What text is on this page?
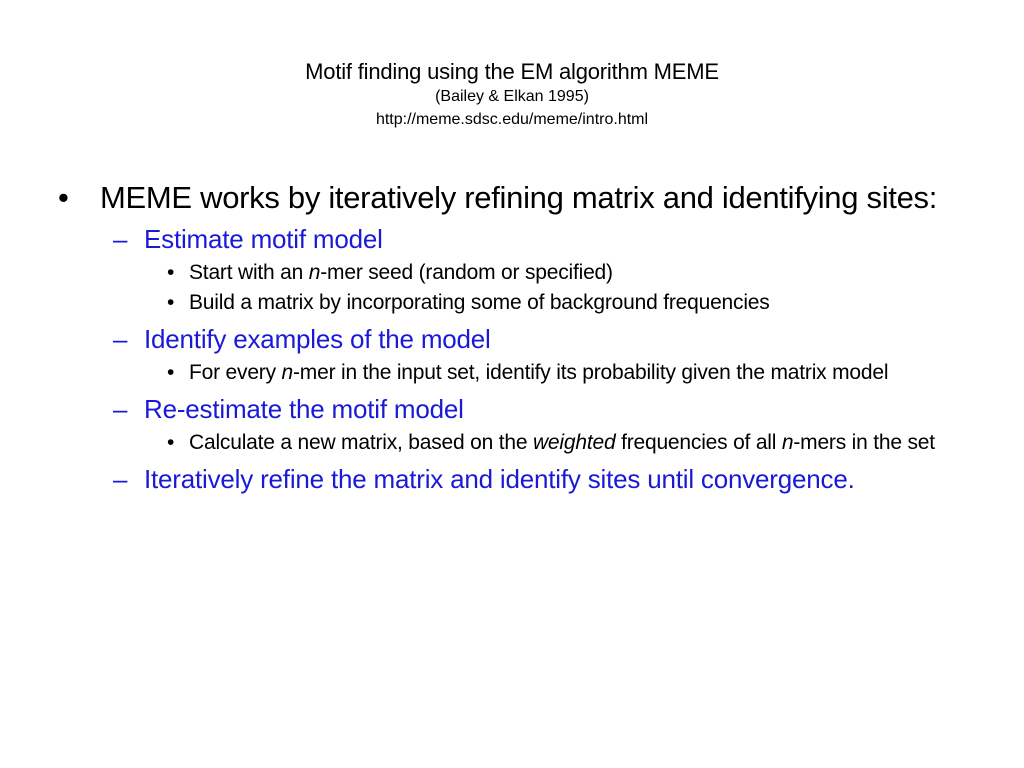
Motif finding using the EM algorithm MEME
(Bailey & Elkan 1995)
http://meme.sdsc.edu/meme/intro.html
• MEME works by iteratively refining matrix and identifying sites:
– Estimate motif model
• Start with an n-mer seed (random or specified)
• Build a matrix by incorporating some of background frequencies
– Identify examples of the model
• For every n-mer in the input set, identify its probability given the matrix model
– Re-estimate the motif model
• Calculate a new matrix, based on the weighted frequencies of all n-mers in the set
– Iteratively refine the matrix and identify sites until convergence.
